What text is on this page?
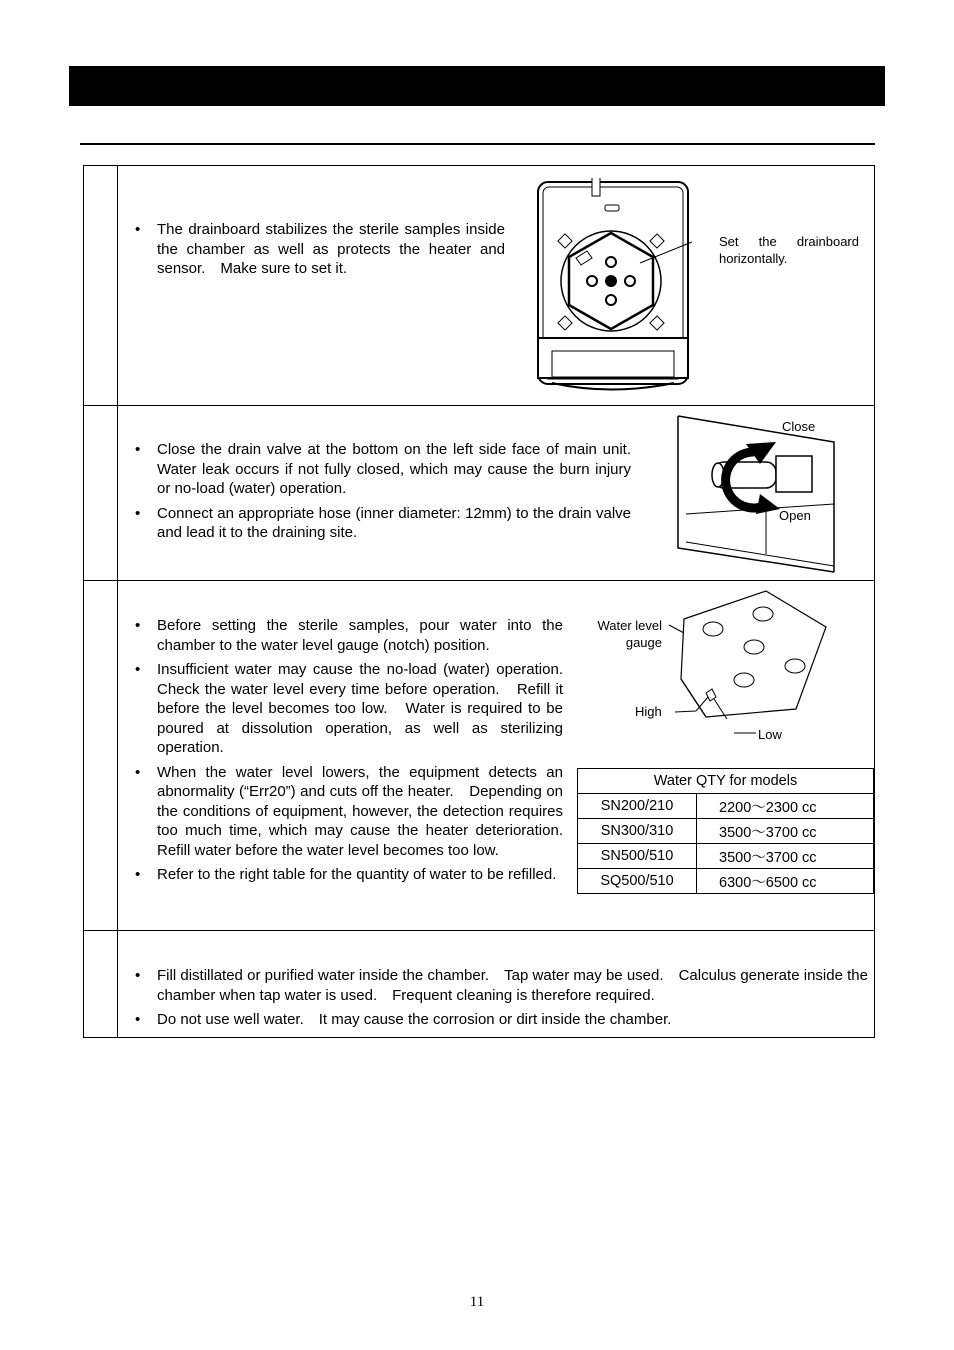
• The drainboard stabilizes the sterile samples inside the chamber as well as protects the heater and sensor.　Make sure to set it.
Set the drainboard horizontally.
• Close the drain valve at the bottom on the left side face of main unit.　Water leak occurs if not fully closed, which may cause the burn injury or no-load (water) operation.
• Connect an appropriate hose (inner diameter: 12mm) to the drain valve and lead it to the draining site.
Close
Open
• Before setting the sterile samples, pour water into the chamber to the water level gauge (notch) position.
• Insufficient water may cause the no-load (water) operation.　Check the water level every time before operation.　Refill it before the level becomes too low.　Water is required to be poured at dissolution operation, as well as sterilizing operation.
• When the water level lowers, the equipment detects an abnormality (“Err20”) and cuts off the heater.　Depending on the conditions of equipment, however, the detection requires too much time, which may cause the heater deterioration.　Refill water before the water level becomes too low.
• Refer to the right table for the quantity of water to be refilled.
Water level
gauge
High
Low
Water QTY for models	
SN200/210	2200～2300 cc
SN300/310	3500～3700 cc
SN500/510	3500～3700 cc
SQ500/510	6300～6500 cc
• Fill distillated or purified water inside the chamber.　Tap water may be used.　Calculus generate inside the chamber when tap water is used.　Frequent cleaning is therefore required.
• Do not use well water.　It may cause the corrosion or dirt inside the chamber.
11
